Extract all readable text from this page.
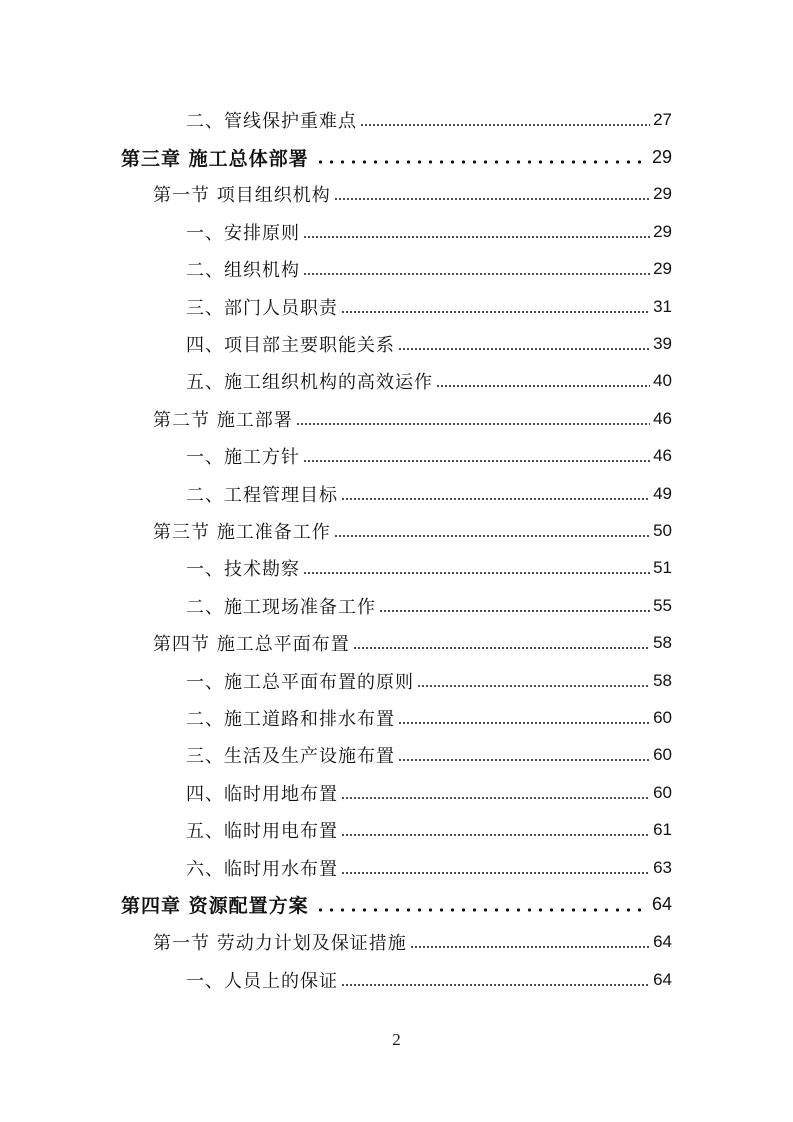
二、管线保护重难点	27
第三章 施工总体部署	29
第一节 项目组织机构	29
一、安排原则	29
二、组织机构	29
三、部门人员职责	31
四、项目部主要职能关系	39
五、施工组织机构的高效运作	40
第二节 施工部署	46
一、施工方针	46
二、工程管理目标	49
第三节 施工准备工作	50
一、技术勘察	51
二、施工现场准备工作	55
第四节 施工总平面布置	58
一、施工总平面布置的原则	58
二、施工道路和排水布置	60
三、生活及生产设施布置	60
四、临时用地布置	60
五、临时用电布置	61
六、临时用水布置	63
第四章 资源配置方案	64
第一节 劳动力计划及保证措施	64
一、人员上的保证	64
2
